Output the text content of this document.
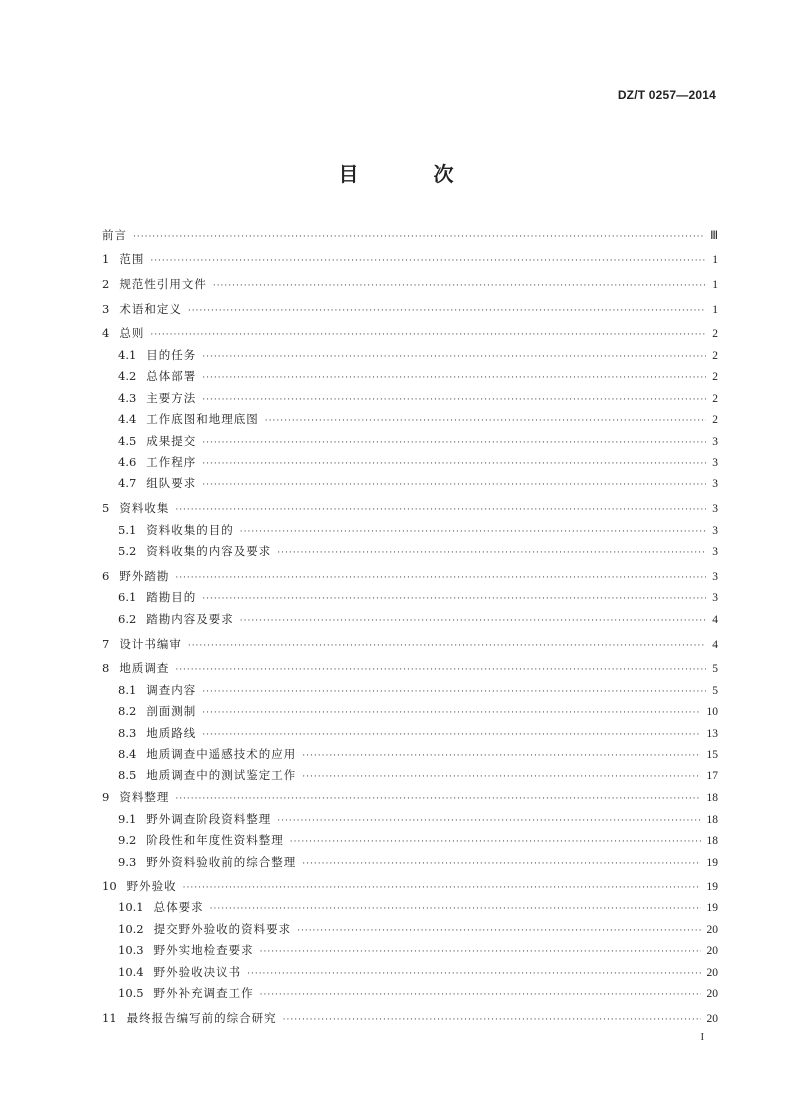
DZ/T 0257—2014
目 次
前言 ·····	Ⅲ
1 范围 ·····	1
2 规范性引用文件 ·····	1
3 术语和定义 ·····	1
4 总则 ·····	2
4.1 目的任务 ·····	2
4.2 总体部署 ·····	2
4.3 主要方法 ·····	2
4.4 工作底图和地理底图 ·····	2
4.5 成果提交 ·····	3
4.6 工作程序 ·····	3
4.7 组队要求 ·····	3
5 资料收集 ·····	3
5.1 资料收集的目的 ·····	3
5.2 资料收集的内容及要求 ·····	3
6 野外踏勘 ·····	3
6.1 踏勘目的 ·····	3
6.2 踏勘内容及要求 ·····	4
7 设计书编审 ·····	4
8 地质调查 ·····	5
8.1 调查内容 ·····	5
8.2 剖面测制 ·····	10
8.3 地质路线 ·····	13
8.4 地质调查中遥感技术的应用 ·····	15
8.5 地质调查中的测试鉴定工作 ·····	17
9 资料整理 ·····	18
9.1 野外调查阶段资料整理 ·····	18
9.2 阶段性和年度性资料整理 ·····	18
9.3 野外资料验收前的综合整理 ·····	19
10 野外验收 ·····	19
10.1 总体要求 ·····	19
10.2 提交野外验收的资料要求 ·····	20
10.3 野外实地检查要求 ·····	20
10.4 野外验收决议书 ·····	20
10.5 野外补充调查工作 ·····	20
11 最终报告编写前的综合研究 ·····	20
I
